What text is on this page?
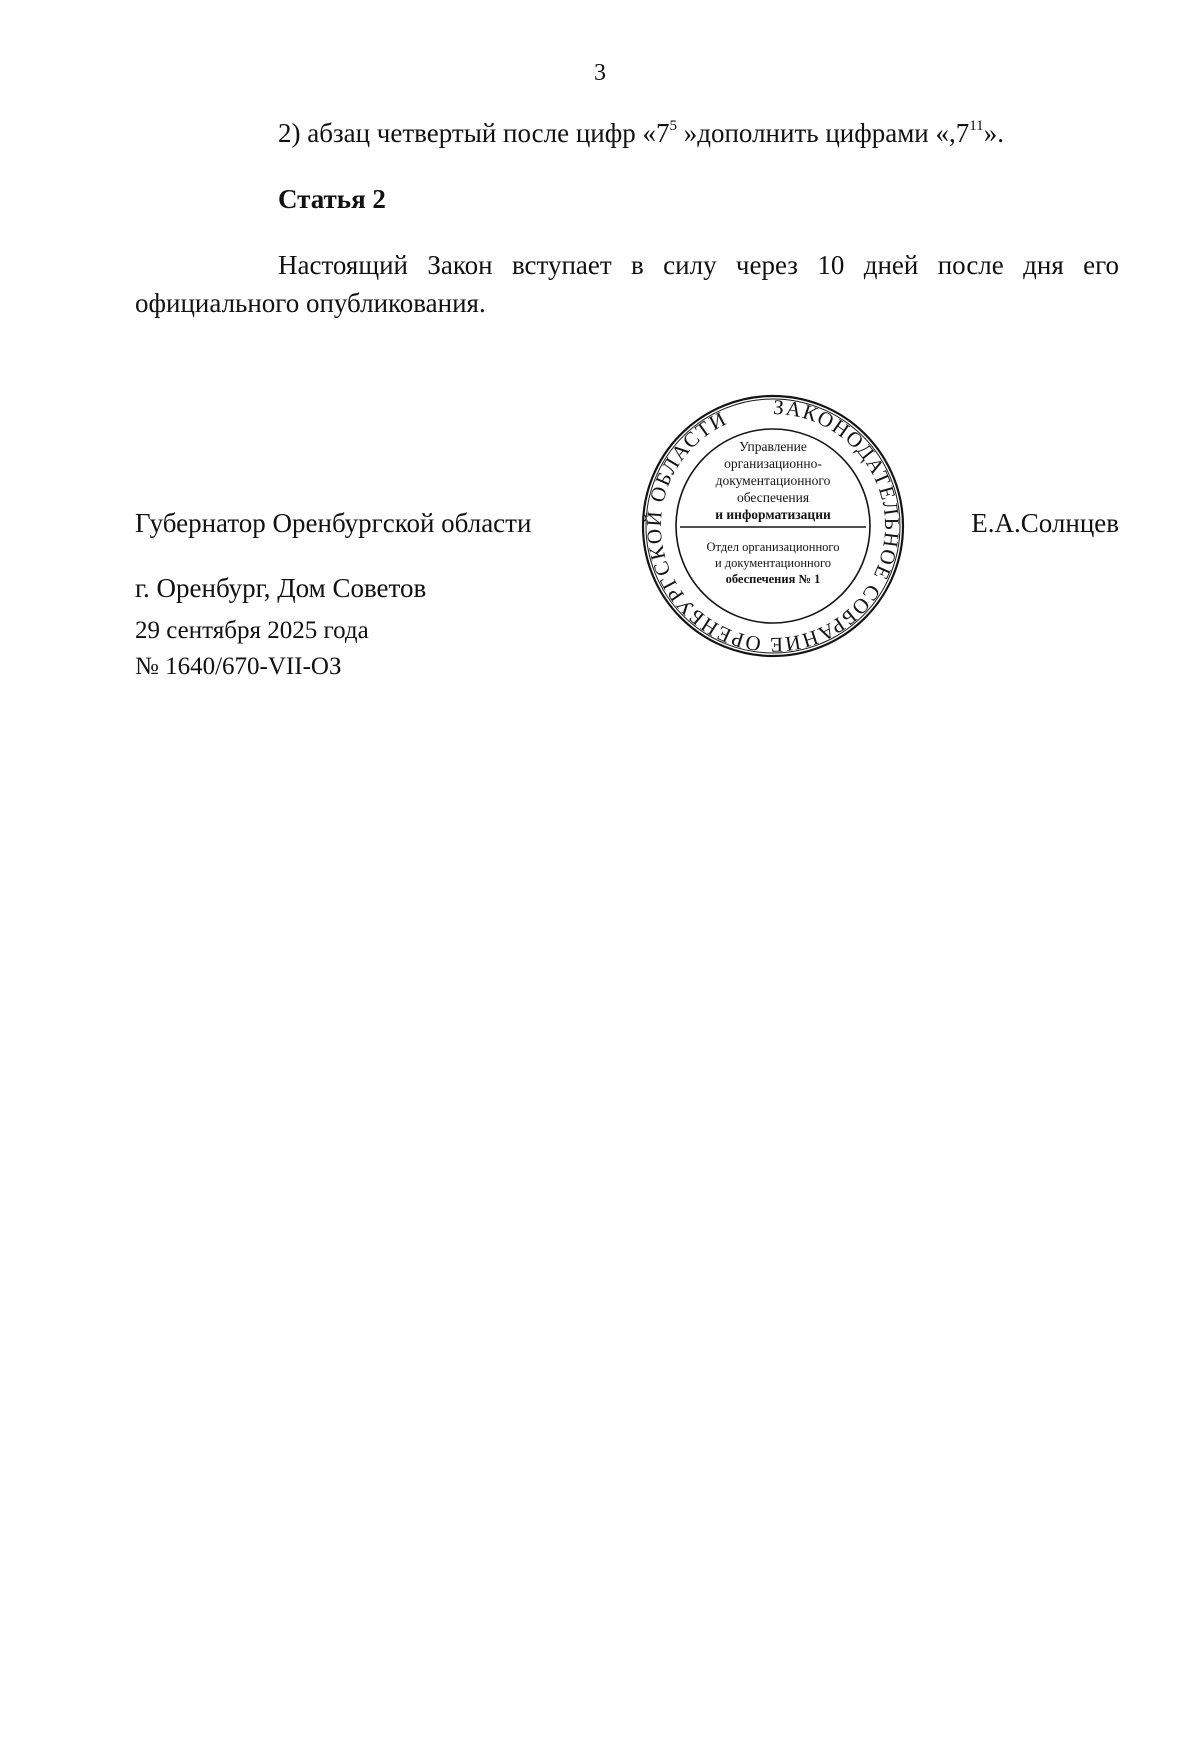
3
2) абзац четвертый после цифр «$7^5$ »дополнить цифрами «$,7^{11}$».
Статья 2

Настоящий Закон вступает в силу через 10 дней после дня его официального опубликования.

Губернатор Оренбургской области	Е.А.Солнцев
ЗАКОНОДАТЕЛЬНОЕ СОБРАНИЕ ОРЕНБУРГСКОЙ ОБЛАСТИ
Управление
организационно-
документационного
обеспечения
и информатизации
Отдел организационного
и документационного
обеспечения № 1
г. Оренбург, Дом Советов
29 сентября 2025 года
№ 1640/670-VII-ОЗ
